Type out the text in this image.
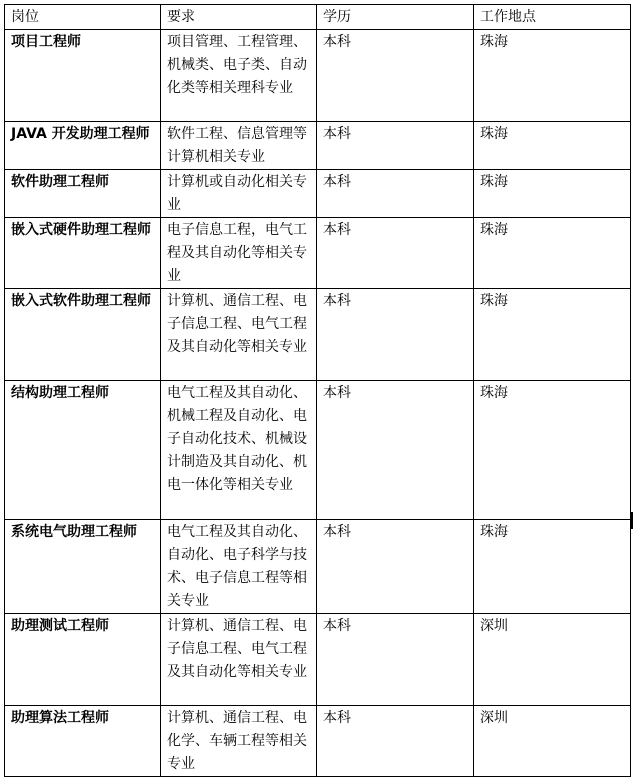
岗位	要求	学历	工作地点
项目工程师	项目管理、工程管理、机械类、电子类、自动化类等相关理科专业	本科	珠海
JAVA 开发助理工程师	软件工程、信息管理等计算机相关专业	本科	珠海
软件助理工程师	计算机或自动化相关专业	本科	珠海
嵌入式硬件助理工程师	电子信息工程，电气工程及其自动化等相关专业	本科	珠海
嵌入式软件助理工程师	计算机、通信工程、电子信息工程、电气工程及其自动化等相关专业	本科	珠海
结构助理工程师	电气工程及其自动化、机械工程及自动化、电子自动化技术、机械设计制造及其自动化、机电一体化等相关专业	本科	珠海
系统电气助理工程师	电气工程及其自动化、自动化、电子科学与技术、电子信息工程等相关专业	本科	珠海
助理测试工程师	计算机、通信工程、电子信息工程、电气工程及其自动化等相关专业	本科	深圳
助理算法工程师	计算机、通信工程、电化学、车辆工程等相关专业	本科	深圳
